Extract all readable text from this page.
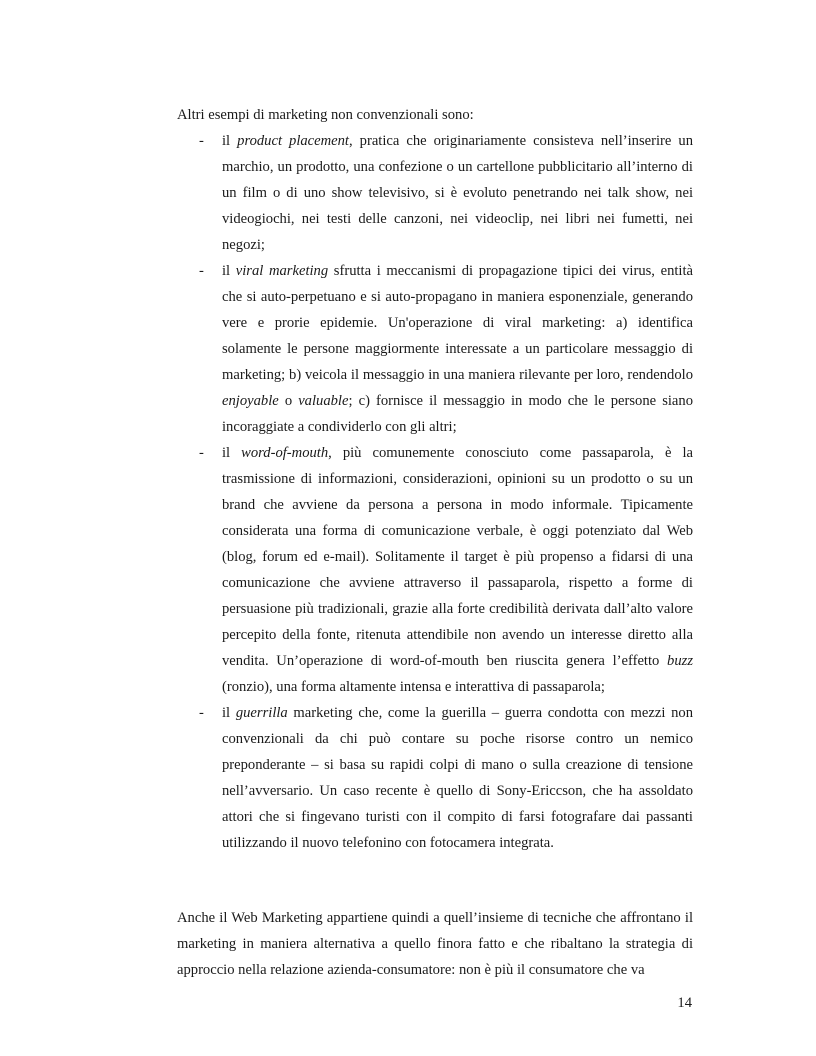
Altri esempi di marketing non convenzionali sono:
- il product placement, pratica che originariamente consisteva nell’inserire un marchio, un prodotto, una confezione o un cartellone pubblicitario all’interno di un film o di uno show televisivo, si è evoluto penetrando nei talk show, nei videogiochi, nei testi delle canzoni, nei videoclip, nei libri nei fumetti, nei negozi;
- il viral marketing sfrutta i meccanismi di propagazione tipici dei virus, entità che si auto-perpetuano e si auto-propagano in maniera esponenziale, generando vere e prorie epidemie. Un'operazione di viral marketing: a) identifica solamente le persone maggiormente interessate a un particolare messaggio di marketing; b) veicola il messaggio in una maniera rilevante per loro, rendendolo enjoyable o valuable; c) fornisce il messaggio in modo che le persone siano incoraggiate a condividerlo con gli altri;
- il word-of-mouth, più comunemente conosciuto come passaparola, è la trasmissione di informazioni, considerazioni, opinioni su un prodotto o su un brand che avviene da persona a persona in modo informale. Tipicamente considerata una forma di comunicazione verbale, è oggi potenziato dal Web (blog, forum ed e-mail). Solitamente il target è più propenso a fidarsi di una comunicazione che avviene attraverso il passaparola, rispetto a forme di persuasione più tradizionali, grazie alla forte credibilità derivata dall’alto valore percepito della fonte, ritenuta attendibile non avendo un interesse diretto alla vendita. Un’operazione di word-of-mouth ben riuscita genera l’effetto buzz (ronzio), una forma altamente intensa e interattiva di passaparola;
- il guerrilla marketing che, come la guerilla – guerra condotta con mezzi non convenzionali da chi può contare su poche risorse contro un nemico preponderante – si basa su rapidi colpi di mano o sulla creazione di tensione nell’avversario. Un caso recente è quello di Sony-Ericcson, che ha assoldato attori che si fingevano turisti con il compito di farsi fotografare dai passanti utilizzando il nuovo telefonino con fotocamera integrata.
Anche il Web Marketing appartiene quindi a quell’insieme di tecniche che affrontano il marketing in maniera alternativa a quello finora fatto e che ribaltano la strategia di approccio nella relazione azienda-consumatore: non è più il consumatore che va
14
